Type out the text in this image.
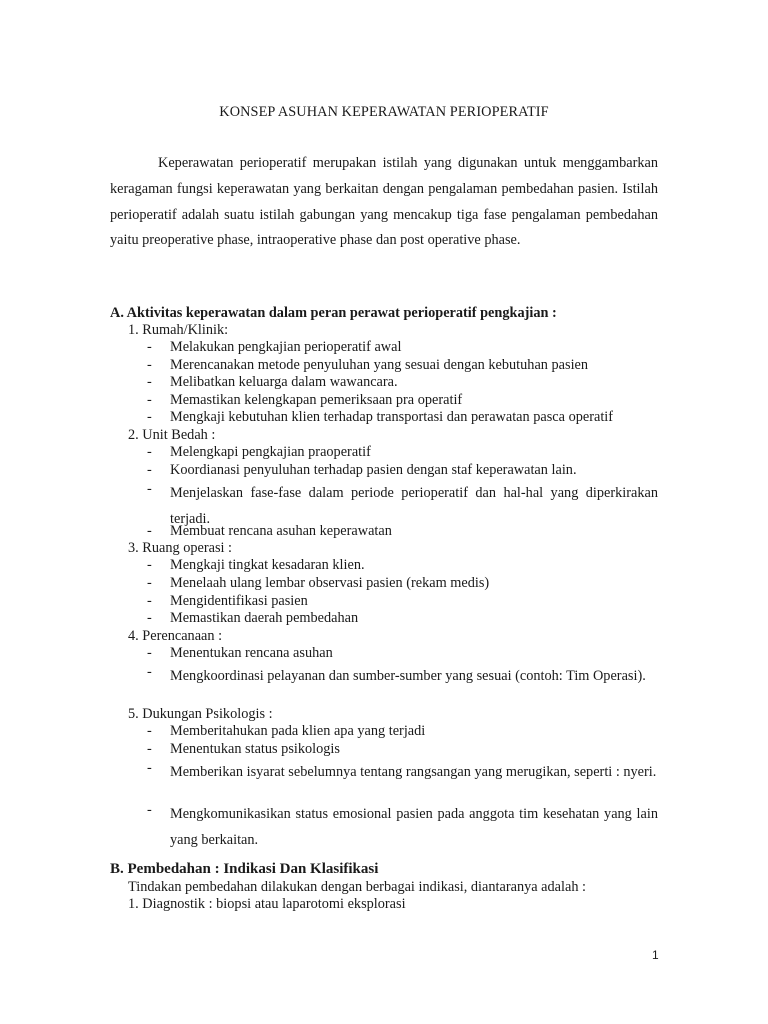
KONSEP ASUHAN KEPERAWATAN PERIOPERATIF
Keperawatan perioperatif merupakan istilah yang digunakan untuk menggambarkan keragaman fungsi keperawatan yang berkaitan dengan pengalaman pembedahan pasien. Istilah perioperatif adalah suatu istilah gabungan yang mencakup tiga fase pengalaman pembedahan yaitu preoperative phase, intraoperative phase dan post operative phase.
A. Aktivitas keperawatan dalam peran perawat perioperatif pengkajian :
1. Rumah/Klinik:
- Melakukan pengkajian perioperatif awal
- Merencanakan metode penyuluhan yang sesuai dengan kebutuhan pasien
- Melibatkan keluarga dalam wawancara.
- Memastikan kelengkapan pemeriksaan pra operatif
- Mengkaji kebutuhan klien terhadap transportasi dan perawatan pasca operatif
2. Unit Bedah :
- Melengkapi pengkajian praoperatif
- Koordianasi penyuluhan terhadap pasien dengan staf keperawatan lain.
- Menjelaskan fase-fase dalam periode perioperatif dan hal-hal yang diperkirakan terjadi.
- Membuat rencana asuhan keperawatan
3. Ruang operasi :
- Mengkaji tingkat kesadaran klien.
- Menelaah ulang lembar observasi pasien (rekam medis)
- Mengidentifikasi pasien
- Memastikan daerah pembedahan
4. Perencanaan :
- Menentukan rencana asuhan
- Mengkoordinasi pelayanan dan sumber-sumber yang sesuai (contoh: Tim Operasi).
5. Dukungan Psikologis :
- Memberitahukan pada klien apa yang terjadi
- Menentukan status psikologis
- Memberikan isyarat sebelumnya tentang rangsangan yang merugikan, seperti : nyeri.
- Mengkomunikasikan status emosional pasien pada anggota tim kesehatan yang lain yang berkaitan.
B. Pembedahan : Indikasi Dan Klasifikasi
Tindakan pembedahan dilakukan dengan berbagai indikasi, diantaranya adalah :
1. Diagnostik : biopsi atau laparotomi eksplorasi
1
